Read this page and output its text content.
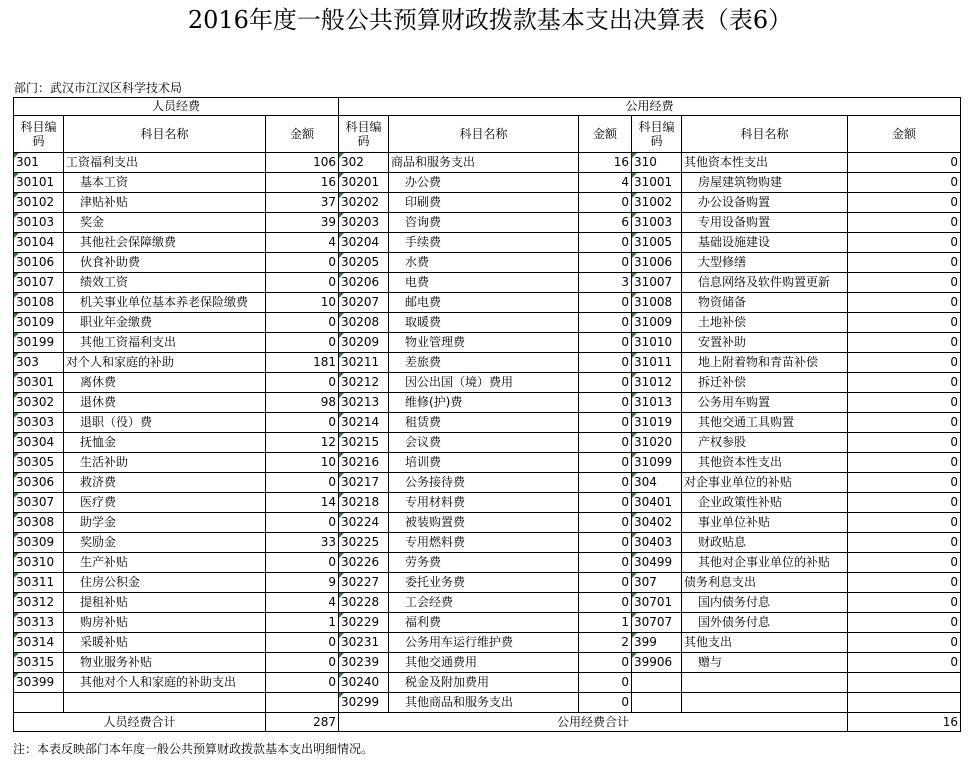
2016年度一般公共预算财政拨款基本支出决算表（表6）
部门：武汉市江汉区科学技术局
人员经费			公用经费					
科目编码	科目名称	金额	科目编码	科目名称	金额	科目编码	科目名称	金额
301	工资福利支出	106	302	商品和服务支出	16	310	其他资本性支出	0
30101	基本工资	16	30201	办公费	4	31001	房屋建筑物购建	0
30102	津贴补贴	37	30202	印刷费	0	31002	办公设备购置	0
30103	奖金	39	30203	咨询费	6	31003	专用设备购置	0
30104	其他社会保障缴费	4	30204	手续费	0	31005	基础设施建设	0
30106	伙食补助费	0	30205	水费	0	31006	大型修缮	0
30107	绩效工资	0	30206	电费	3	31007	信息网络及软件购置更新	0
30108	机关事业单位基本养老保险缴费	10	30207	邮电费	0	31008	物资储备	0
30109	职业年金缴费	0	30208	取暖费	0	31009	土地补偿	0
30199	其他工资福利支出	0	30209	物业管理费	0	31010	安置补助	0
303	对个人和家庭的补助	181	30211	差旅费	0	31011	地上附着物和青苗补偿	0
30301	离休费	0	30212	因公出国（境）费用	0	31012	拆迁补偿	0
30302	退休费	98	30213	维修(护)费	0	31013	公务用车购置	0
30303	退职（役）费	0	30214	租赁费	0	31019	其他交通工具购置	0
30304	抚恤金	12	30215	会议费	0	31020	产权参股	0
30305	生活补助	10	30216	培训费	0	31099	其他资本性支出	0
30306	救济费	0	30217	公务接待费	0	304	对企事业单位的补贴	0
30307	医疗费	14	30218	专用材料费	0	30401	企业政策性补贴	0
30308	助学金	0	30224	被装购置费	0	30402	事业单位补贴	0
30309	奖励金	33	30225	专用燃料费	0	30403	财政贴息	0
30310	生产补贴	0	30226	劳务费	0	30499	其他对企事业单位的补贴	0
30311	住房公积金	9	30227	委托业务费	0	307	债务利息支出	0
30312	提租补贴	4	30228	工会经费	0	30701	国内债务付息	0
30313	购房补贴	1	30229	福利费	1	30707	国外债务付息	0
30314	采暖补贴	0	30231	公务用车运行维护费	2	399	其他支出	0
30315	物业服务补贴	0	30239	其他交通费用	0	39906	赠与	0
30399	其他对个人和家庭的补助支出	0	30240	税金及附加费用	0			
			30299	其他商品和服务支出	0			
人员经费合计		287	公用经费合计					16
注：本表反映部门本年度一般公共预算财政拨款基本支出明细情况。
